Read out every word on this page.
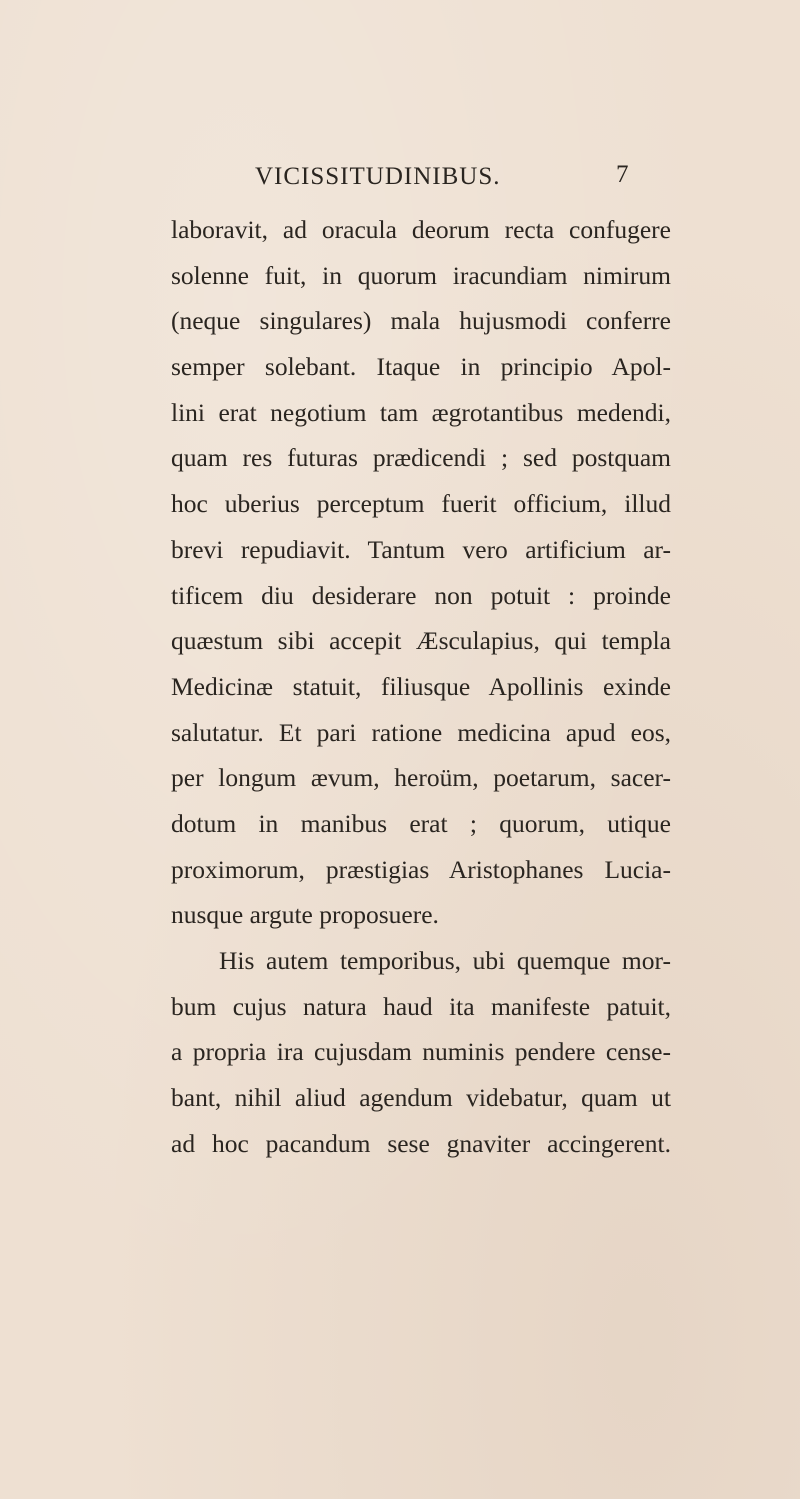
VICISSITUDINIBUS.	7
laboravit, ad oracula deorum recta confugere
solenne fuit, in quorum iracundiam nimirum
(neque singulares) mala hujusmodi conferre
semper solebant. Itaque in principio Apol-
lini erat negotium tam ægrotantibus medendi,
quam res futuras prædicendi ; sed postquam
hoc uberius perceptum fuerit officium, illud
brevi repudiavit. Tantum vero artificium ar-
tificem diu desiderare non potuit : proinde
quæstum sibi accepit Æsculapius, qui templa
Medicinæ statuit, filiusque Apollinis exinde
salutatur. Et pari ratione medicina apud eos,
per longum ævum, heroüm, poetarum, sacer-
dotum in manibus erat ; quorum, utique
proximorum, præstigias Aristophanes Lucia-
nusque argute proposuere.
His autem temporibus, ubi quemque mor-
bum cujus natura haud ita manifeste patuit,
a propria ira cujusdam numinis pendere cense-
bant, nihil aliud agendum videbatur, quam ut
ad hoc pacandum sese gnaviter accingerent.
